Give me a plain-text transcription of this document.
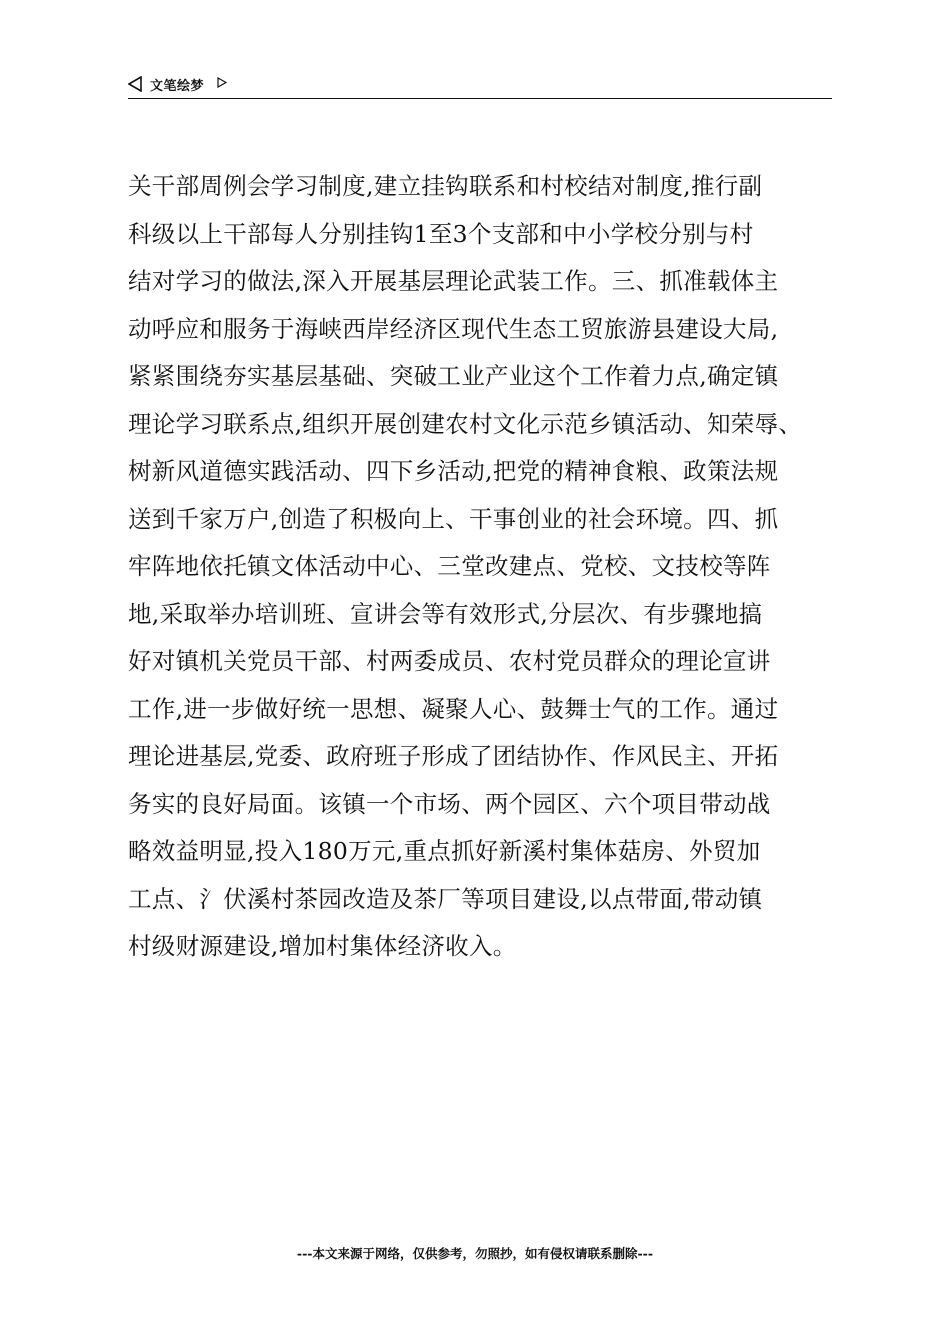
文笔绘梦
关干部周例会学习制度,建立挂钩联系和村校结对制度,推行副
科级以上干部每人分别挂钩1至3个支部和中小学校分别与村
结对学习的做法,深入开展基层理论武装工作。三、抓准载体主
动呼应和服务于海峡西岸经济区现代生态工贸旅游县建设大局,
紧紧围绕夯实基层基础、突破工业产业这个工作着力点,确定镇
理论学习联系点,组织开展创建农村文化示范乡镇活动、知荣辱、
树新风道德实践活动、四下乡活动,把党的精神食粮、政策法规
送到千家万户,创造了积极向上、干事创业的社会环境。四、抓
牢阵地依托镇文体活动中心、三堂改建点、党校、文技校等阵
地,采取举办培训班、宣讲会等有效形式,分层次、有步骤地搞
好对镇机关党员干部、村两委成员、农村党员群众的理论宣讲
工作,进一步做好统一思想、凝聚人心、鼓舞士气的工作。通过
理论进基层,党委、政府班子形成了团结协作、作风民主、开拓
务实的良好局面。该镇一个市场、两个园区、六个项目带动战
略效益明显,投入180万元,重点抓好新溪村集体菇房、外贸加
工点、氵伏溪村茶园改造及茶厂等项目建设,以点带面,带动镇
村级财源建设,增加村集体经济收入。
---本文来源于网络，仅供参考，勿照抄，如有侵权请联系删除---
